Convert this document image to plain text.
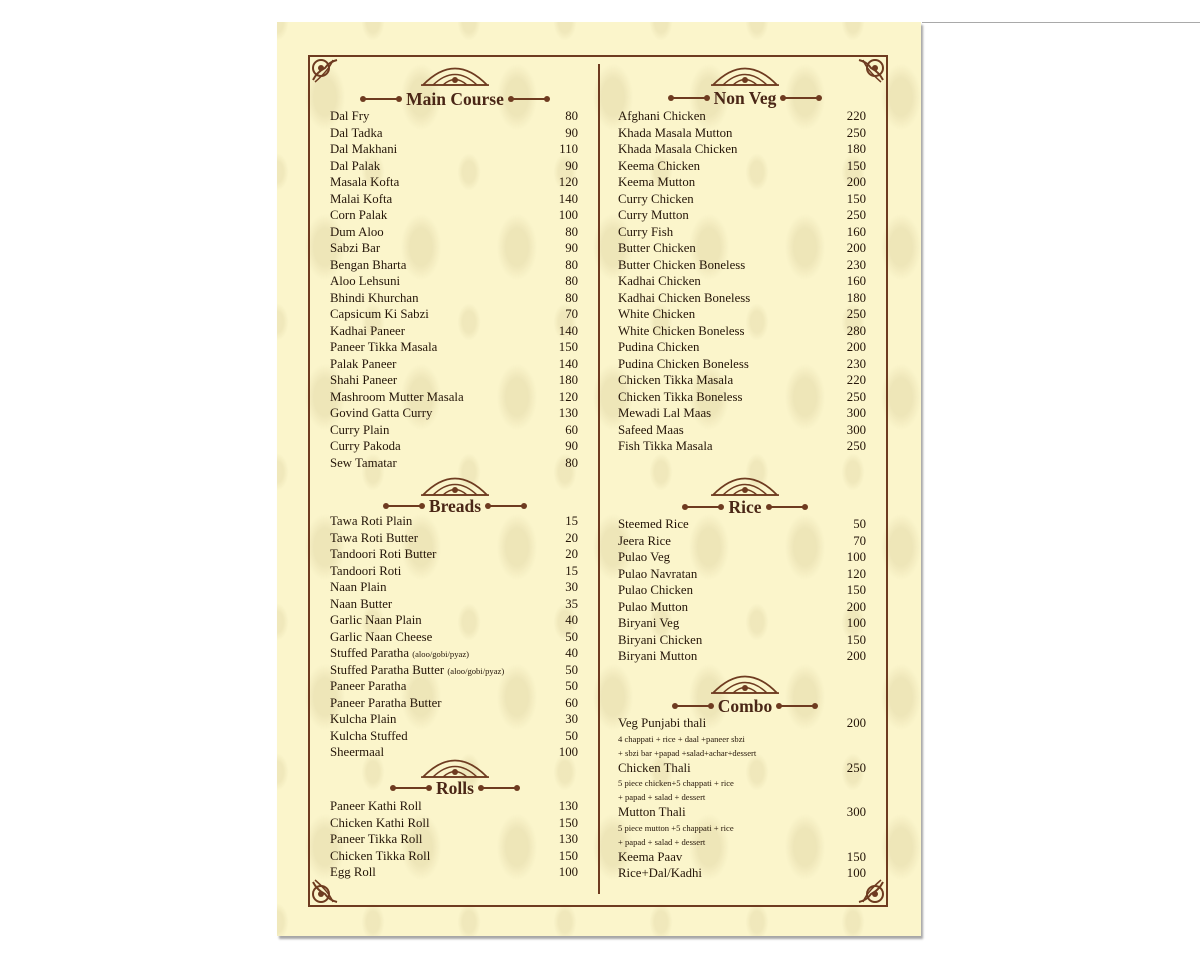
Main Course
Breads
Rolls
Non Veg
Rice
Combo
Dal Fry	80
Dal Tadka	90
Dal Makhani	110
Dal Palak	90
Masala Kofta	120
Malai Kofta	140
Corn Palak	100
Dum Aloo	80
Sabzi Bar	90
Bengan Bharta	80
Aloo Lehsuni	80
Bhindi Khurchan	80
Capsicum Ki Sabzi	70
Kadhai Paneer	140
Paneer Tikka Masala	150
Palak Paneer	140
Shahi Paneer	180
Mashroom Mutter Masala	120
Govind Gatta Curry	130
Curry Plain	60
Curry Pakoda	90
Sew Tamatar	80
Tawa Roti Plain	15
Tawa Roti Butter	20
Tandoori Roti Butter	20
Tandoori Roti	15
Naan Plain	30
Naan Butter	35
Garlic Naan Plain	40
Garlic Naan Cheese	50
Stuffed Paratha (aloo/gobi/pyaz)	40
Stuffed Paratha Butter (aloo/gobi/pyaz)	50
Paneer Paratha	50
Paneer Paratha Butter	60
Kulcha Plain	30
Kulcha Stuffed	50
Sheermaal	100
Paneer Kathi Roll	130
Chicken Kathi Roll	150
Paneer Tikka Roll	130
Chicken Tikka Roll	150
Egg Roll	100
Afghani Chicken	220
Khada Masala Mutton	250
Khada Masala Chicken	180
Keema Chicken	150
Keema Mutton	200
Curry Chicken	150
Curry Mutton	250
Curry Fish	160
Butter Chicken	200
Butter Chicken Boneless	230
Kadhai Chicken	160
Kadhai Chicken Boneless	180
White Chicken	250
White Chicken Boneless	280
Pudina Chicken	200
Pudina Chicken Boneless	230
Chicken Tikka Masala	220
Chicken Tikka Boneless	250
Mewadi Lal Maas	300
Safeed Maas	300
Fish Tikka Masala	250
Steemed Rice	50
Jeera Rice	70
Pulao Veg	100
Pulao Navratan	120
Pulao Chicken	150
Pulao Mutton	200
Biryani Veg	100
Biryani Chicken	150
Biryani Mutton	200
Veg Punjabi thali	200
4 chappati + rice + daal +paneer sbzi
+ sbzi bar +papad +salad+achar+dessert
Chicken Thali	250
5 piece chicken+5 chappati + rice
+ papad + salad + dessert
Mutton Thali	300
5 piece mutton +5 chappati + rice
+ papad + salad + dessert
Keema Paav	150
Rice+Dal/Kadhi	100
